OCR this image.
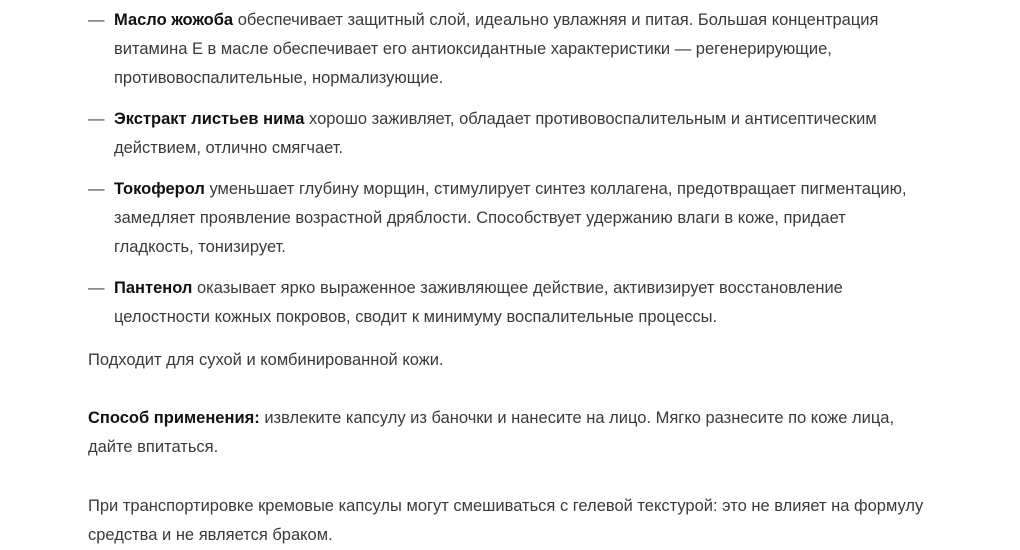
— Масло жожоба обеспечивает защитный слой, идеально увлажняя и питая. Большая концентрация витамина Е в масле обеспечивает его антиоксидантные характеристики — регенерирующие, противовоспалительные, нормализующие.
— Экстракт листьев нима хорошо заживляет, обладает противовоспалительным и антисептическим действием, отлично смягчает.
— Токоферол уменьшает глубину морщин, стимулирует синтез коллагена, предотвращает пигментацию, замедляет проявление возрастной дряблости. Способствует удержанию влаги в коже, придает гладкость, тонизирует.
— Пантенол оказывает ярко выраженное заживляющее действие, активизирует восстановление целостности кожных покровов, сводит к минимуму воспалительные процессы.
Подходит для сухой и комбинированной кожи.
Способ применения: извлеките капсулу из баночки и нанесите на лицо. Мягко разнесите по коже лица, дайте впитаться.
При транспортировке кремовые капсулы могут смешиваться с гелевой текстурой: это не влияет на формулу средства и не является браком.
